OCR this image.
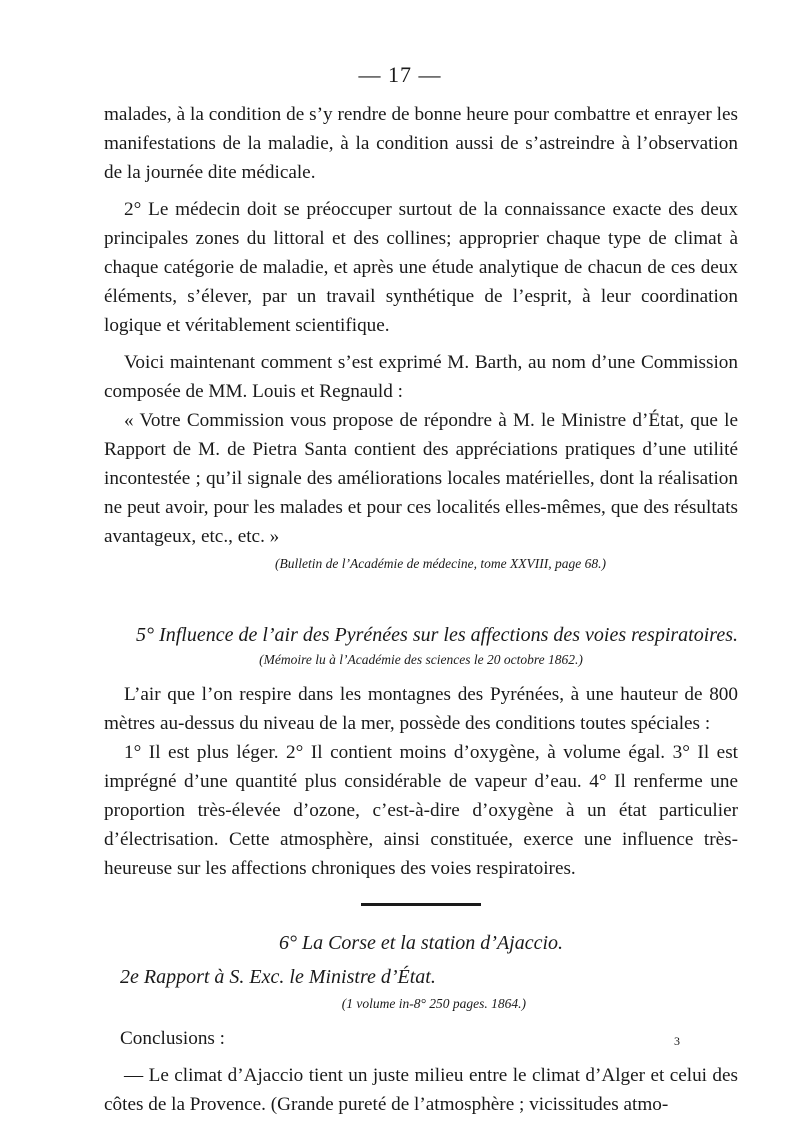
— 17 —

malades, à la condition de s’y rendre de bonne heure pour combattre et enrayer les manifestations de la maladie, à la condition aussi de s’astreindre à l’observation de la journée dite médicale.

2° Le médecin doit se préoccuper surtout de la connaissance exacte des deux principales zones du littoral et des collines; approprier chaque type de climat à chaque catégorie de maladie, et après une étude analytique de chacun de ces deux éléments, s’élever, par un travail synthétique de l’esprit, à leur coordination logique et véritablement scientifique.

Voici maintenant comment s’est exprimé M. Barth, au nom d’une Commission composée de MM. Louis et Regnauld :

« Votre Commission vous propose de répondre à M. le Ministre d’État, que le Rapport de M. de Pietra Santa contient des appréciations pratiques d’une utilité incontestée ; qu’il signale des améliorations locales matérielles, dont la réalisation ne peut avoir, pour les malades et pour ces localités elles-mêmes, que des résultats avantageux, etc., etc. »

(Bulletin de l’Académie de médecine, tome XXVIII, page 68.)
5° Influence de l’air des Pyrénées sur les affections des voies respiratoires.
(Mémoire lu à l’Académie des sciences le 20 octobre 1862.)

L’air que l’on respire dans les montagnes des Pyrénées, à une hauteur de 800 mètres au-dessus du niveau de la mer, possède des conditions toutes spéciales :

1° Il est plus léger. 2° Il contient moins d’oxygène, à volume égal. 3° Il est imprégné d’une quantité plus considérable de vapeur d’eau. 4° Il renferme une proportion très-élevée d’ozone, c’est-à-dire d’oxygène à un état particulier d’électrisation. Cette atmosphère, ainsi constituée, exerce une influence très-heureuse sur les affections chroniques des voies respiratoires.

6° La Corse et la station d’Ajaccio.
2e Rapport à S. Exc. le Ministre d’État.
(1 volume in-8° 250 pages. 1864.)

Conclusions :

— Le climat d’Ajaccio tient un juste milieu entre le climat d’Alger et celui des côtes de la Provence. (Grande pureté de l’atmosphère ; vicissitudes atmo-

3
